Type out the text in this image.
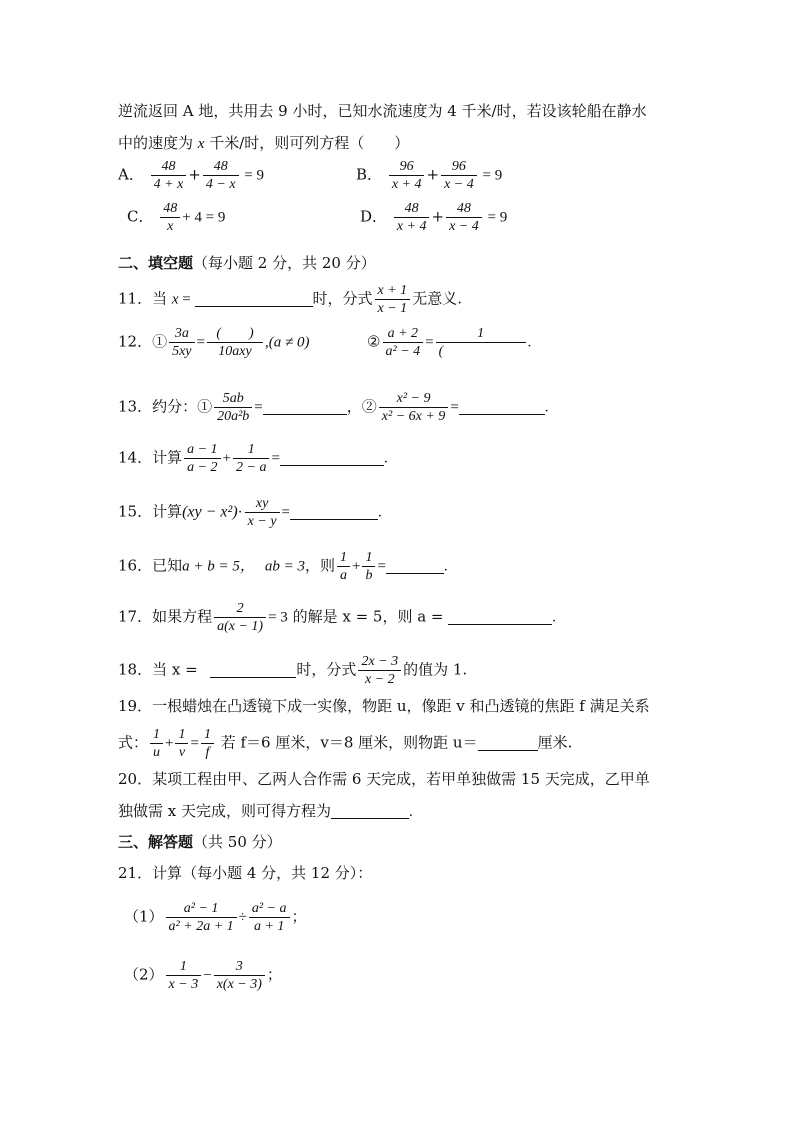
逆流返回 A 地，共用去 9 小时，已知水流速度为 4 千米/时，若设该轮船在静水
中的速度为 x 千米/时，则可列方程（　　）
A． $\frac{48}{4 + x} + \frac{48}{4 - x} = 9$	B． $\frac{96}{x + 4} + \frac{96}{x - 4} = 9$
C． $\frac{48}{x} + 4 = 9$	D． $\frac{48}{x + 4} + \frac{48}{x - 4} = 9$
二、填空题（每小题 2 分，共 20 分）
11．当 x =	时，分式 $\frac{x + 1}{x - 1}$ 无意义.
12．① $\frac{3a}{5xy} = \frac{( )}{\text{10axy}} ,(a \ne 0)$	② $\frac{a + 2}{\text{a² − 4}} = \frac{1}{(}$ .
13．约分：① $\frac{5ab}{\text{20a²b}}$ =	，② $\frac{\text{x² − 9}}{\text{x² − 6x + 9}}$ =	.
14．计算 $\frac{a - 1}{a - 2} + \frac{1}{2 - a}$ =	.
15．计算$(xy - x^2)\cdot \frac{xy}{x - y}$ =	.
16．已知a + b = 5， ab = 3，则 $\frac{1}{a} + \frac{1}{b}$ =	.
17．如果方程 $\frac{2}{a(x - 1)} = 3$ 的解是 x = 5，则 a =	.
18．当 x =	时，分式 $\frac{2x - 3}{x - 2}$ 的值为 1.
19．一根蜡烛在凸透镜下成一实像，物距 u，像距 v 和凸透镜的焦距 f 满足关系
式： $\frac{1}{u} + \frac{1}{v} = \frac{1}{f}$ 若 f＝6 厘米，v＝8 厘米，则物距 u＝	厘米.
20．某项工程由甲、乙两人合作需 6 天完成，若甲单独做需 15 天完成，乙甲单
独做需 x 天完成，则可得方程为	.
三、解答题（共 50 分）
21．计算（每小题 4 分，共 12 分）：
$(1) \frac{\text{a² − 1}}{\text{a² + 2a + 1}} \div \frac{\text{a² − a}}{a + 1}$ ；
$(2) \frac{1}{x - 3} - \frac{3}{x(x - 3)}$ ；
